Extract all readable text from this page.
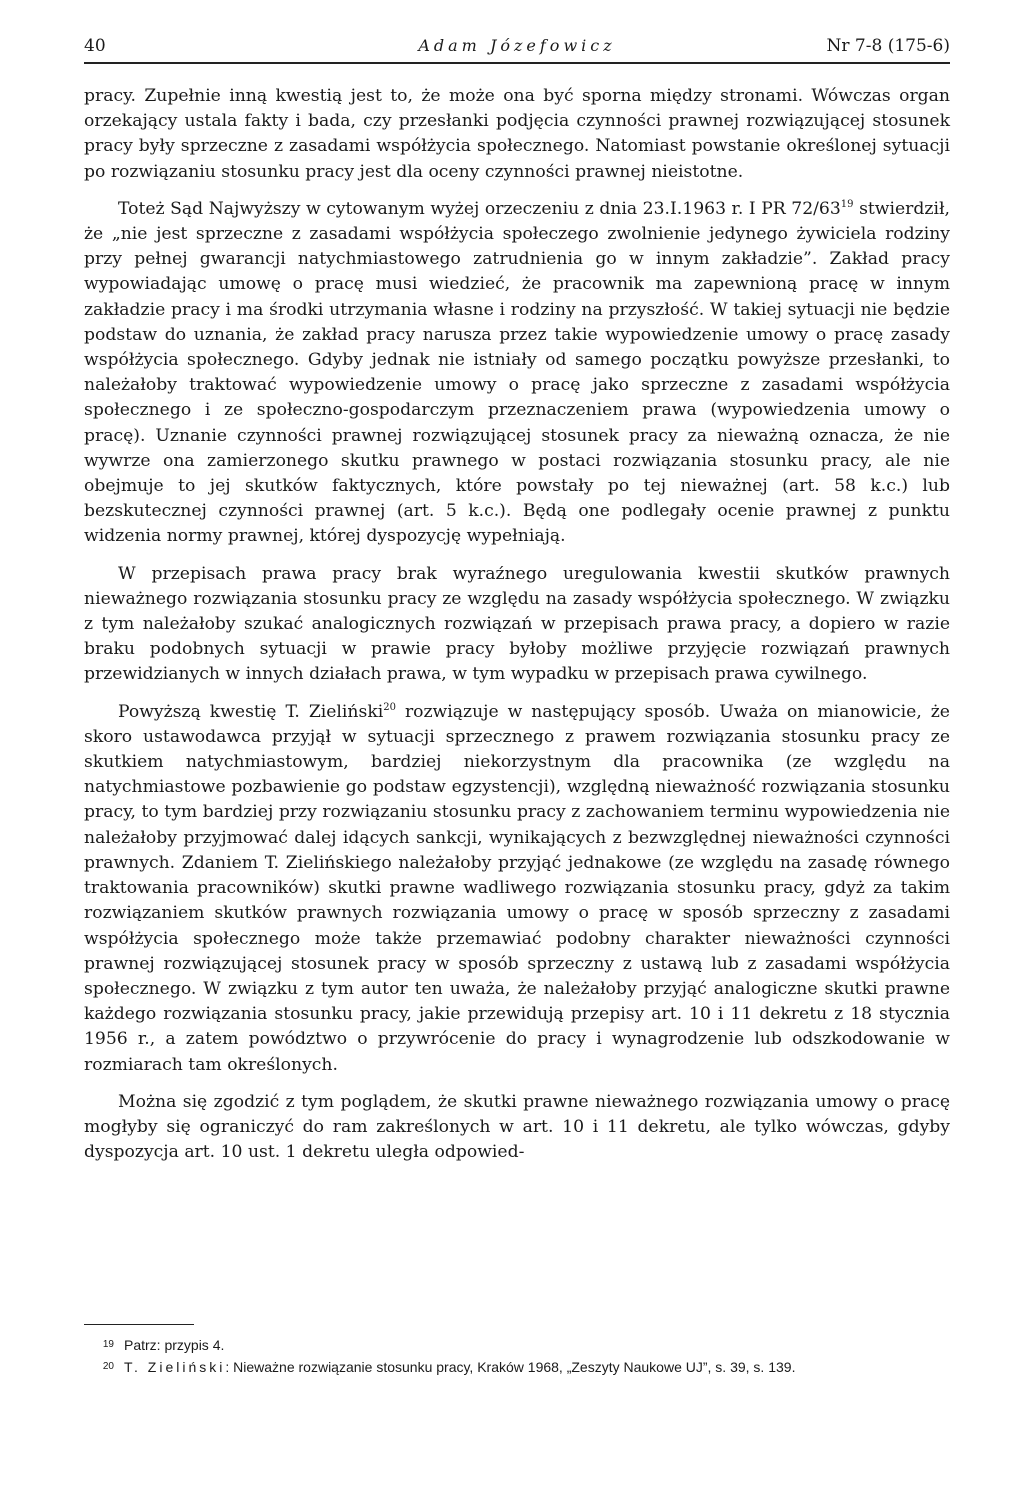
40	Adam Józefowicz	Nr 7-8 (175-6)

pracy. Zupełnie inną kwestią jest to, że może ona być sporna między stronami. Wówczas organ orzekający ustala fakty i bada, czy przesłanki podjęcia czynności prawnej rozwiązującej stosunek pracy były sprzeczne z zasadami współżycia społecznego. Natomiast powstanie określonej sytuacji po rozwiązaniu stosunku pracy jest dla oceny czynności prawnej nieistotne.

Toteż Sąd Najwyższy w cytowanym wyżej orzeczeniu z dnia 23.I.1963 r. I PR $72/63^{19}$ stwierdził, że „nie jest sprzeczne z zasadami współżycia społeczego zwolnienie jedynego żywiciela rodziny przy pełnej gwarancji natychmiastowego zatrudnienia go w innym zakładzie”. Zakład pracy wypowiadając umowę o pracę musi wiedzieć, że pracownik ma zapewnioną pracę w innym zakładzie pracy i ma środki utrzymania własne i rodziny na przyszłość. W takiej sytuacji nie będzie podstaw do uznania, że zakład pracy narusza przez takie wypowiedzenie umowy o pracę zasady współżycia społecznego. Gdyby jednak nie istniały od samego początku powyższe przesłanki, to należałoby traktować wypowiedzenie umowy o pracę jako sprzeczne z zasadami współżycia społecznego i ze społeczno-gospodarczym przeznaczeniem prawa (wypowiedzenia umowy o pracę). Uznanie czynności prawnej rozwiązującej stosunek pracy za nieważną oznacza, że nie wywrze ona zamierzonego skutku prawnego w postaci rozwiązania stosunku pracy, ale nie obejmuje to jej skutków faktycznych, które powstały po tej nieważnej (art. 58 k.c.) lub bezskutecznej czynności prawnej (art. 5 k.c.). Będą one podlegały ocenie prawnej z punktu widzenia normy prawnej, której dyspozycję wypełniają.

W przepisach prawa pracy brak wyraźnego uregulowania kwestii skutków prawnych nieważnego rozwiązania stosunku pracy ze względu na zasady współżycia społecznego. W związku z tym należałoby szukać analogicznych rozwiązań w przepisach prawa pracy, a dopiero w razie braku podobnych sytuacji w prawie pracy byłoby możliwe przyjęcie rozwiązań prawnych przewidzianych w innych działach prawa, w tym wypadku w przepisach prawa cywilnego.

Powyższą kwestię T. Zieliński$^{20}$ rozwiązuje w następujący sposób. Uważa on mianowicie, że skoro ustawodawca przyjął w sytuacji sprzecznego z prawem rozwiązania stosunku pracy ze skutkiem natychmiastowym, bardziej niekorzystnym dla pracownika (ze względu na natychmiastowe pozbawienie go podstaw egzystencji), względną nieważność rozwiązania stosunku pracy, to tym bardziej przy rozwiązaniu stosunku pracy z zachowaniem terminu wypowiedzenia nie należałoby przyjmować dalej idących sankcji, wynikających z bezwzględnej nieważności czynności prawnych. Zdaniem T. Zielińskiego należałoby przyjąć jednakowe (ze względu na zasadę równego traktowania pracowników) skutki prawne wadliwego rozwiązania stosunku pracy, gdyż za takim rozwiązaniem skutków prawnych rozwiązania umowy o pracę w sposób sprzeczny z zasadami współżycia społecznego może także przemawiać podobny charakter nieważności czynności prawnej rozwiązującej stosunek pracy w sposób sprzeczny z ustawą lub z zasadami współżycia społecznego. W związku z tym autor ten uważa, że należałoby przyjąć analogiczne skutki prawne każdego rozwiązania stosunku pracy, jakie przewidują przepisy art. 10 i 11 dekretu z 18 stycznia 1956 r., a zatem powództwo o przywrócenie do pracy i wynagrodzenie lub odszkodowanie w rozmiarach tam określonych.

Można się zgodzić z tym poglądem, że skutki prawne nieważnego rozwiązania umowy o pracę mogłyby się ograniczyć do ram zakreślonych w art. 10 i 11 dekretu, ale tylko wówczas, gdyby dyspozycja art. 10 ust. 1 dekretu uległa odpowied-

19 Patrz: przypis 4.
20 T. Zieliński: Nieważne rozwiązanie stosunku pracy, Kraków 1968, „Zeszyty Naukowe UJ”, s. 39, s. 139.
